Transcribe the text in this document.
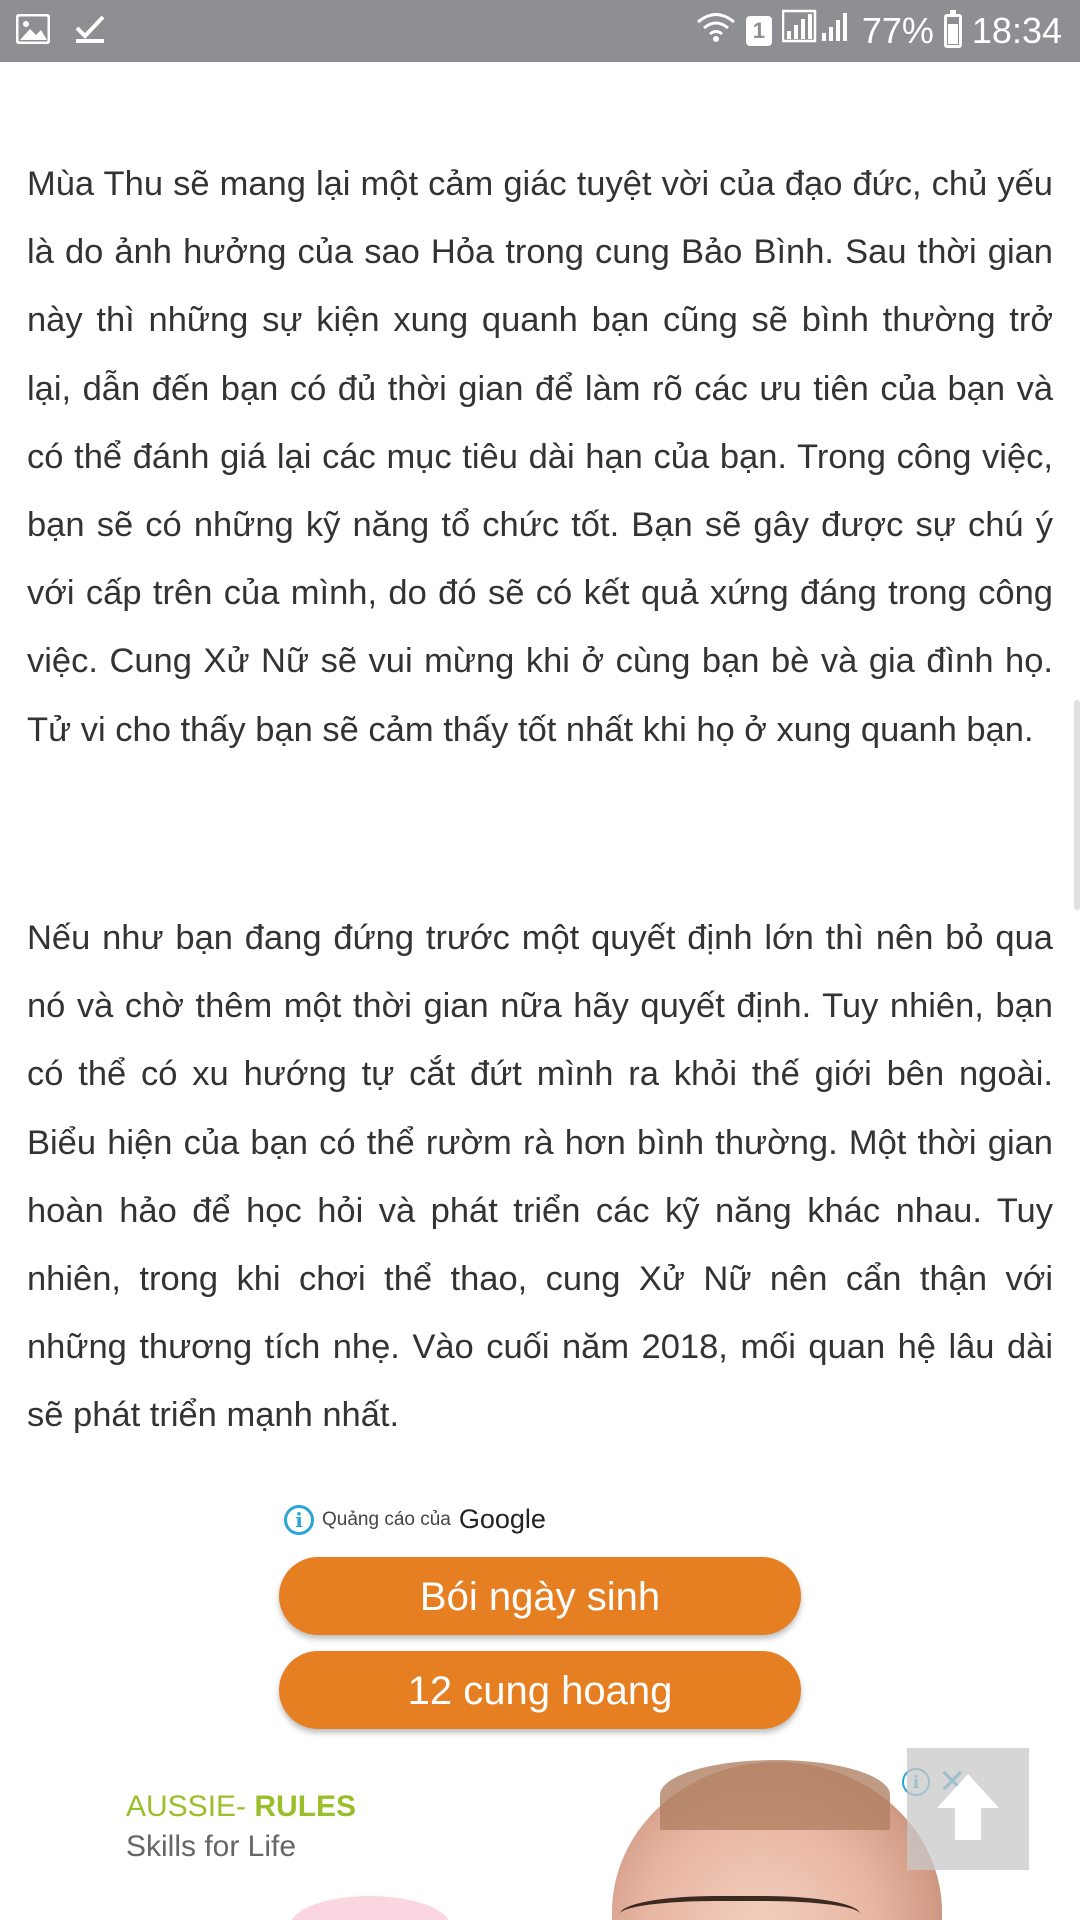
1	77% 18:34

Mùa Thu sẽ mang lại một cảm giác tuyệt vời của đạo đức, chủ yếu là do ảnh hưởng của sao Hỏa trong cung Bảo Bình. Sau thời gian này thì những sự kiện xung quanh bạn cũng sẽ bình thường trở lại, dẫn đến bạn có đủ thời gian để làm rõ các ưu tiên của bạn và có thể đánh giá lại các mục tiêu dài hạn của bạn. Trong công việc, bạn sẽ có những kỹ năng tổ chức tốt. Bạn sẽ gây được sự chú ý với cấp trên của mình, do đó sẽ có kết quả xứng đáng trong công việc. Cung Xử Nữ sẽ vui mừng khi ở cùng bạn bè và gia đình họ. Tử vi cho thấy bạn sẽ cảm thấy tốt nhất khi họ ở xung quanh bạn.

Nếu như bạn đang đứng trước một quyết định lớn thì nên bỏ qua nó và chờ thêm một thời gian nữa hãy quyết định. Tuy nhiên, bạn có thể có xu hướng tự cắt đứt mình ra khỏi thế giới bên ngoài. Biểu hiện của bạn có thể rườm rà hơn bình thường. Một thời gian hoàn hảo để học hỏi và phát triển các kỹ năng khác nhau. Tuy nhiên, trong khi chơi thể thao, cung Xử Nữ nên cẩn thận với những thương tích nhẹ. Vào cuối năm 2018, mối quan hệ lâu dài sẽ phát triển mạnh nhất.

i	Quảng cáo của Google
Bói ngày sinh
12 cung hoang
AUSSIE- RULES
Skills for Life
